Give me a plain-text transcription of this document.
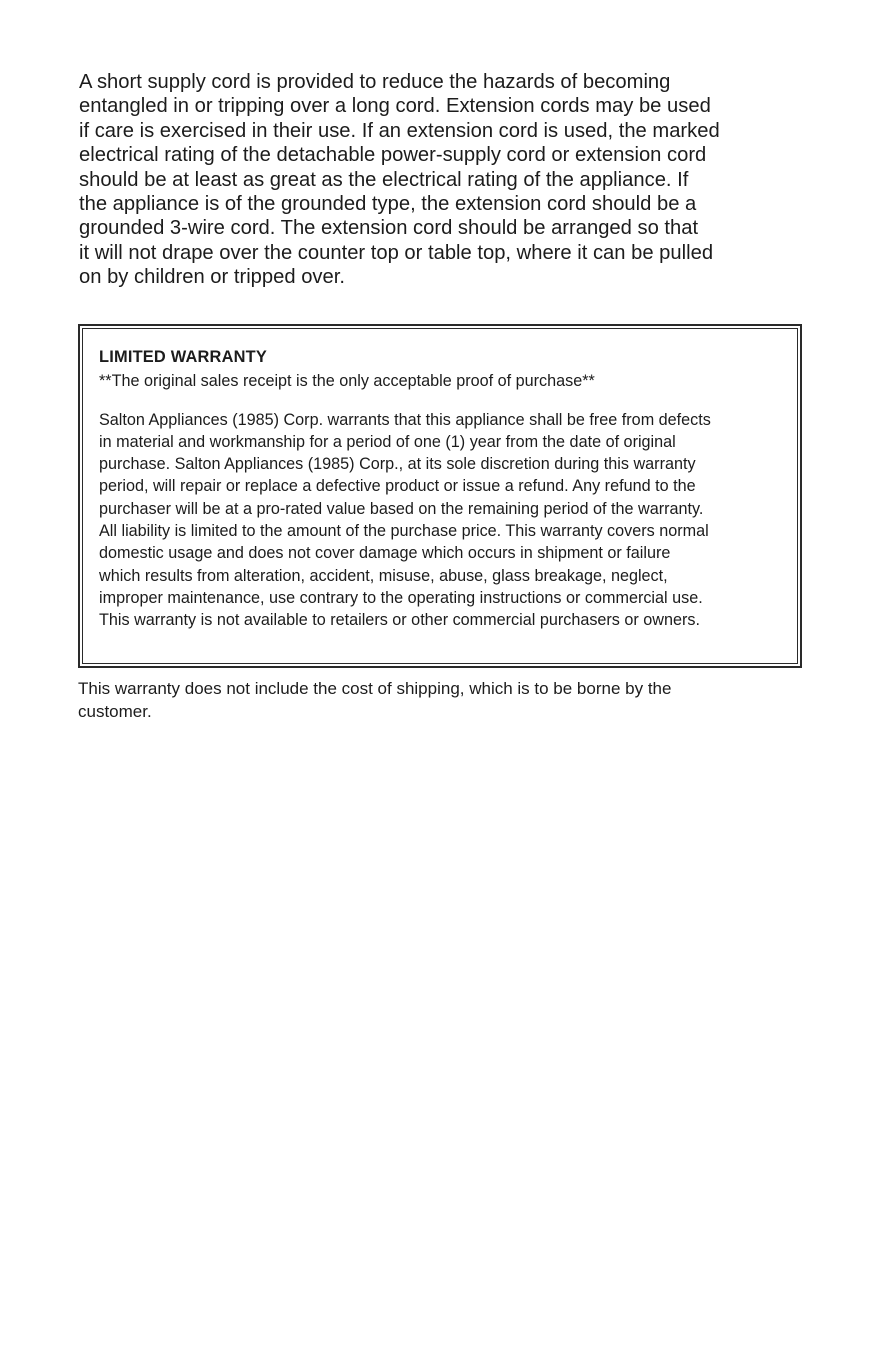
A short supply cord is provided to reduce the hazards of becoming
entangled in or tripping over a long cord. Extension cords may be used
if care is exercised in their use. If an extension cord is used, the marked
electrical rating of the detachable power-supply cord or extension cord
should be at least as great as the electrical rating of the appliance. If
the appliance is of the grounded type, the extension cord should be a
grounded 3-wire cord. The extension cord should be arranged so that
it will not drape over the counter top or table top, where it can be pulled
on by children or tripped over.
LIMITED WARRANTY
**The original sales receipt is the only acceptable proof of purchase**
Salton Appliances (1985) Corp. warrants that this appliance shall be free from defects
in material and workmanship for a period of one (1) year from the date of original
purchase. Salton Appliances (1985) Corp., at its sole discretion during this warranty
period, will repair or replace a defective product or issue a refund. Any refund to the
purchaser will be at a pro-rated value based on the remaining period of the warranty.
All liability is limited to the amount of the purchase price. This warranty covers normal
domestic usage and does not cover damage which occurs in shipment or failure
which results from alteration, accident, misuse, abuse, glass breakage, neglect,
improper maintenance, use contrary to the operating instructions or commercial use.
This warranty is not available to retailers or other commercial purchasers or owners.
This warranty does not include the cost of shipping, which is to be borne by the
customer.
